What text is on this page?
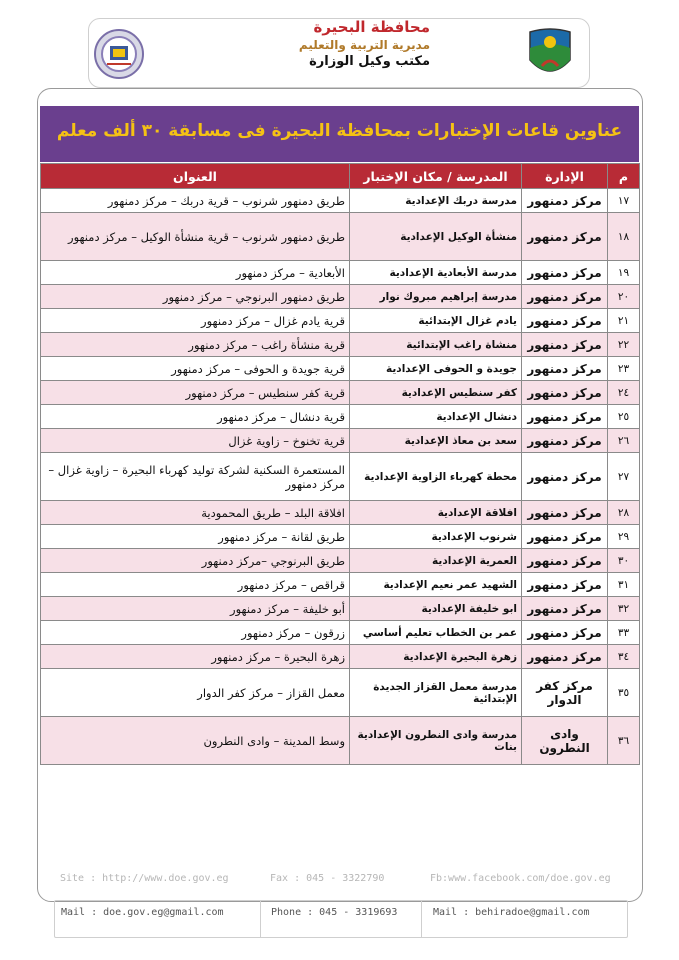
محافظة البحيرة
مديرية التربية والتعليم
مكتب وكيل الوزارة
عناوين قاعات الإختبارات بمحافظة البحيرة فى مسابقة ٣٠ ألف معلم
م	الإدارة	المدرسة / مكان الإختبار	العنوان
١٧	مركز دمنهور	مدرسة دربك الإعدادية	طريق دمنهور شرنوب – قرية دربك – مركز دمنهور
١٨	مركز دمنهور	منشأة الوكيل الإعدادية	طريق دمنهور شرنوب – قرية منشأة الوكيل – مركز دمنهور
١٩	مركز دمنهور	مدرسة الأبعادية الإعدادية	الأبعادية – مركز دمنهور
٢٠	مركز دمنهور	مدرسة إبراهيم مبروك نوار	طريق دمنهور البرنوجي – مركز دمنهور
٢١	مركز دمنهور	يادم غزال الإبتدائية	قرية يادم غزال – مركز دمنهور
٢٢	مركز دمنهور	منشاة راغب الإبتدائية	قرية منشأة راغب – مركز دمنهور
٢٣	مركز دمنهور	جويدة و الحوفى الإعدادية	قرية جويدة و الحوفى – مركز دمنهور
٢٤	مركز دمنهور	كفر سنطيس الإعدادية	قرية كفر سنطيس – مركز دمنهور
٢٥	مركز دمنهور	دنشال الإعدادية	قرية دنشال – مركز دمنهور
٢٦	مركز دمنهور	سعد بن معاذ الإعدادية	قرية تخنوخ – زاوية غزال
٢٧	مركز دمنهور	محطة كهرباء الزاوية الإعدادية	المستعمرة السكنية لشركة توليد كهرباء البحيرة – زاوية غزال – مركز دمنهور
٢٨	مركز دمنهور	افلاقة الإعدادية	افلاقة البلد – طريق المحمودية
٢٩	مركز دمنهور	شرنوب الإعدادية	طريق لقانة – مركز دمنهور
٣٠	مركز دمنهور	العمرية الإعدادية	طريق البرنوجي –مركز دمنهور
٣١	مركز دمنهور	الشهيد عمر نعيم الإعدادية	قراقص – مركز دمنهور
٣٢	مركز دمنهور	ابو خليفة الإعدادية	أبو خليفة – مركز دمنهور
٣٣	مركز دمنهور	عمر بن الخطاب تعليم أساسي	زرقون – مركز دمنهور
٣٤	مركز دمنهور	زهرة البحيرة الإعدادية	زهرة البحيرة – مركز دمنهور
٣٥	مركز كفر الدوار	مدرسة معمل القزاز الجديدة الإبتدائية	معمل القزاز – مركز كفر الدوار
٣٦	وادى النطرون	مدرسة وادى النطرون الإعدادية بنات	وسط المدينة – وادى النطرون
Site : http://www.doe.gov.eg	Fax : 045 - 3322790	Fb:www.facebook.com/doe.gov.eg
Mail : doe.gov.eg@gmail.com	Phone : 045 - 3319693	Mail : behiradoe@gmail.com
